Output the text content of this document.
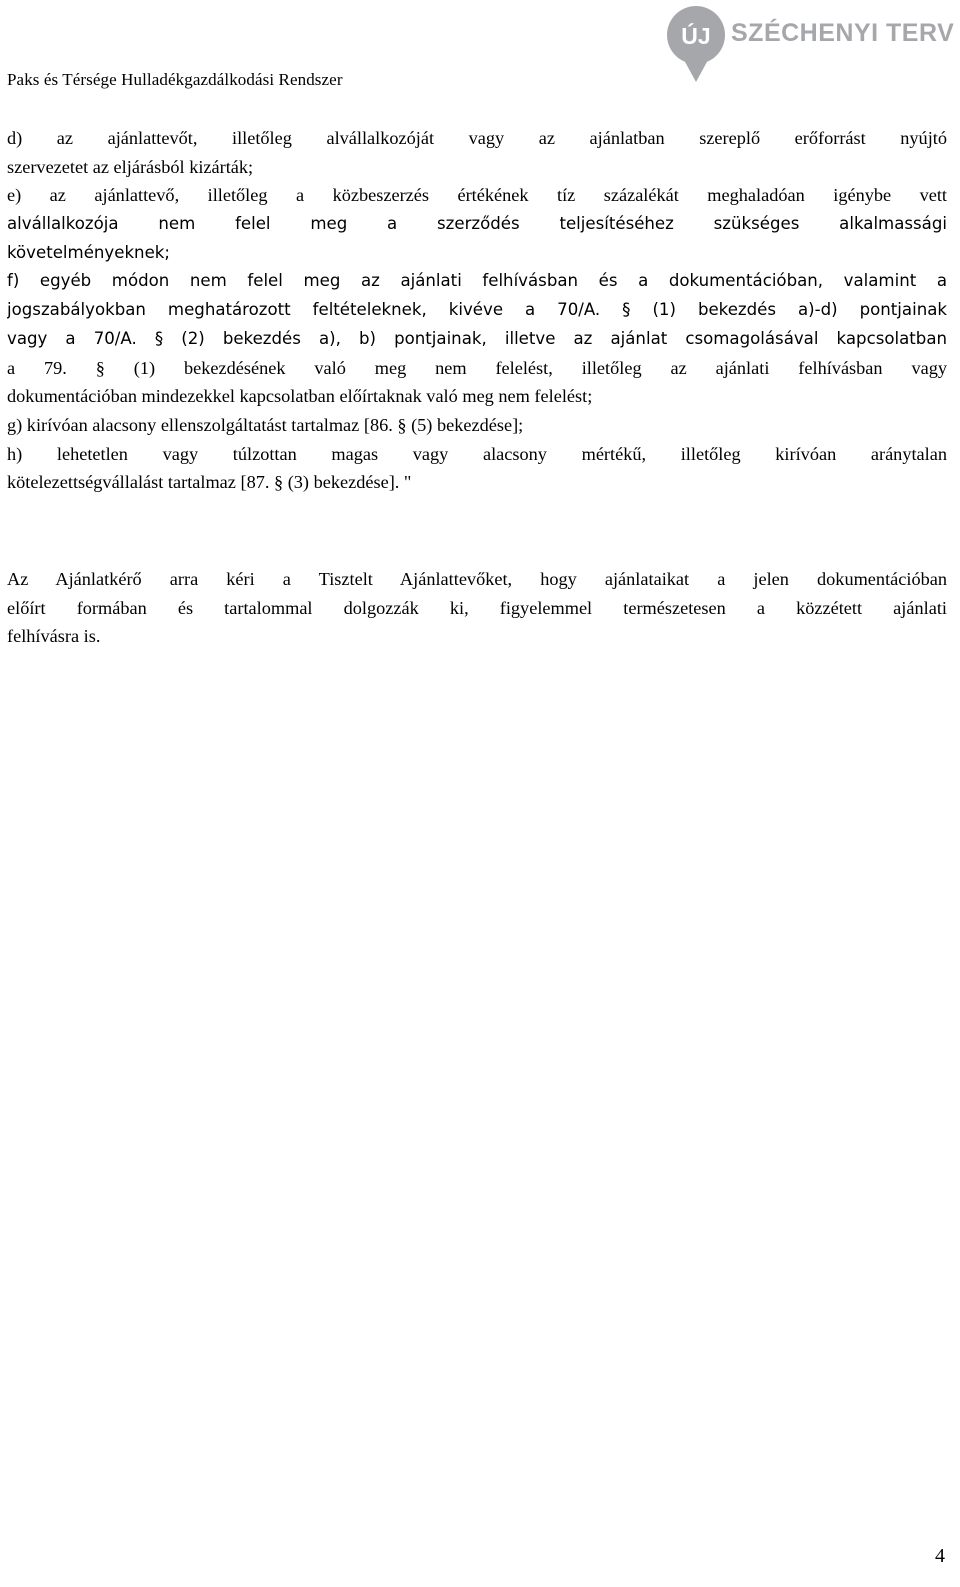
Paks és Térsége Hulladékgazdálkodási Rendszer
ÚJ SZÉCHENYI TERV
d) az ajánlattevőt, illetőleg alvállalkozóját vagy az ajánlatban szereplő erőforrást nyújtó
szervezetet az eljárásból kizárták;
e) az ajánlattevő, illetőleg a közbeszerzés értékének tíz százalékát meghaladóan igénybe vett
alvállalkozója nem felel meg a szerződés teljesítéséhez szükséges alkalmassági
követelményeknek;
f) egyéb módon nem felel meg az ajánlati felhívásban és a dokumentációban, valamint a
jogszabályokban meghatározott feltételeknek, kivéve a 70/A. § (1) bekezdés a)-d) pontjainak
vagy a 70/A. § (2) bekezdés a), b) pontjainak, illetve az ajánlat csomagolásával kapcsolatban
a 79. § (1) bekezdésének való meg nem felelést, illetőleg az ajánlati felhívásban vagy
dokumentációban mindezekkel kapcsolatban előírtaknak való meg nem felelést;
g) kirívóan alacsony ellenszolgáltatást tartalmaz [86. § (5) bekezdése];
h) lehetetlen vagy túlzottan magas vagy alacsony mértékű, illetőleg kirívóan aránytalan
kötelezettségvállalást tartalmaz [87. § (3) bekezdése]. "
Az Ajánlatkérő arra kéri a Tisztelt Ajánlattevőket, hogy ajánlataikat a jelen dokumentációban
előírt formában és tartalommal dolgozzák ki, figyelemmel természetesen a közzétett ajánlati
felhívásra is.
4
